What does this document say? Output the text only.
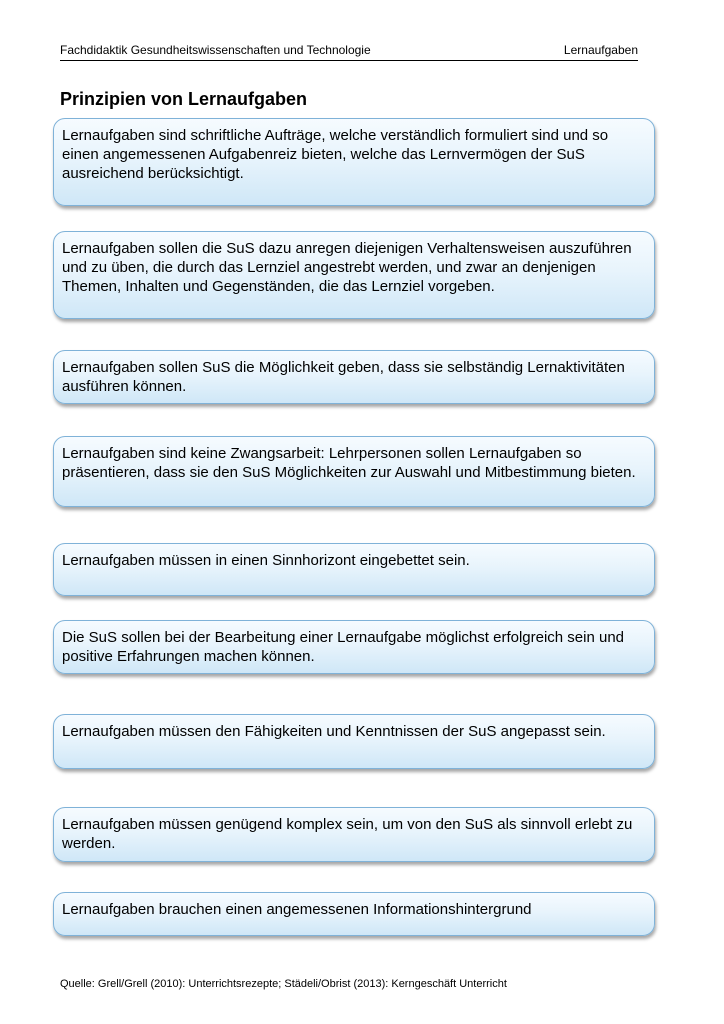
Fachdidaktik Gesundheitswissenschaften und Technologie	Lernaufgaben
Prinzipien von Lernaufgaben
Lernaufgaben sind schriftliche Aufträge, welche verständlich formuliert sind und so einen angemessenen Aufgabenreiz bieten, welche das Lernvermögen der SuS ausreichend berücksichtigt.
Lernaufgaben sollen die SuS dazu anregen diejenigen Verhaltensweisen auszuführen und zu üben, die durch das Lernziel angestrebt werden, und zwar an denjenigen Themen, Inhalten und Gegenständen, die das Lernziel vorgeben.
Lernaufgaben sollen SuS die Möglichkeit geben, dass sie selbständig Lernaktivitäten ausführen können.
Lernaufgaben sind keine Zwangsarbeit: Lehrpersonen sollen Lernaufgaben so präsentieren, dass sie den SuS Möglichkeiten zur Auswahl und Mitbestimmung bieten.
Lernaufgaben müssen in einen Sinnhorizont eingebettet sein.
Die SuS sollen bei der Bearbeitung einer Lernaufgabe möglichst erfolgreich sein und positive Erfahrungen machen können.
Lernaufgaben müssen den Fähigkeiten und Kenntnissen der SuS angepasst sein.
Lernaufgaben müssen genügend komplex sein, um von den SuS als sinnvoll erlebt zu werden.
Lernaufgaben brauchen einen angemessenen Informationshintergrund
Quelle: Grell/Grell (2010): Unterrichtsrezepte; Städeli/Obrist (2013): Kerngeschäft Unterricht
